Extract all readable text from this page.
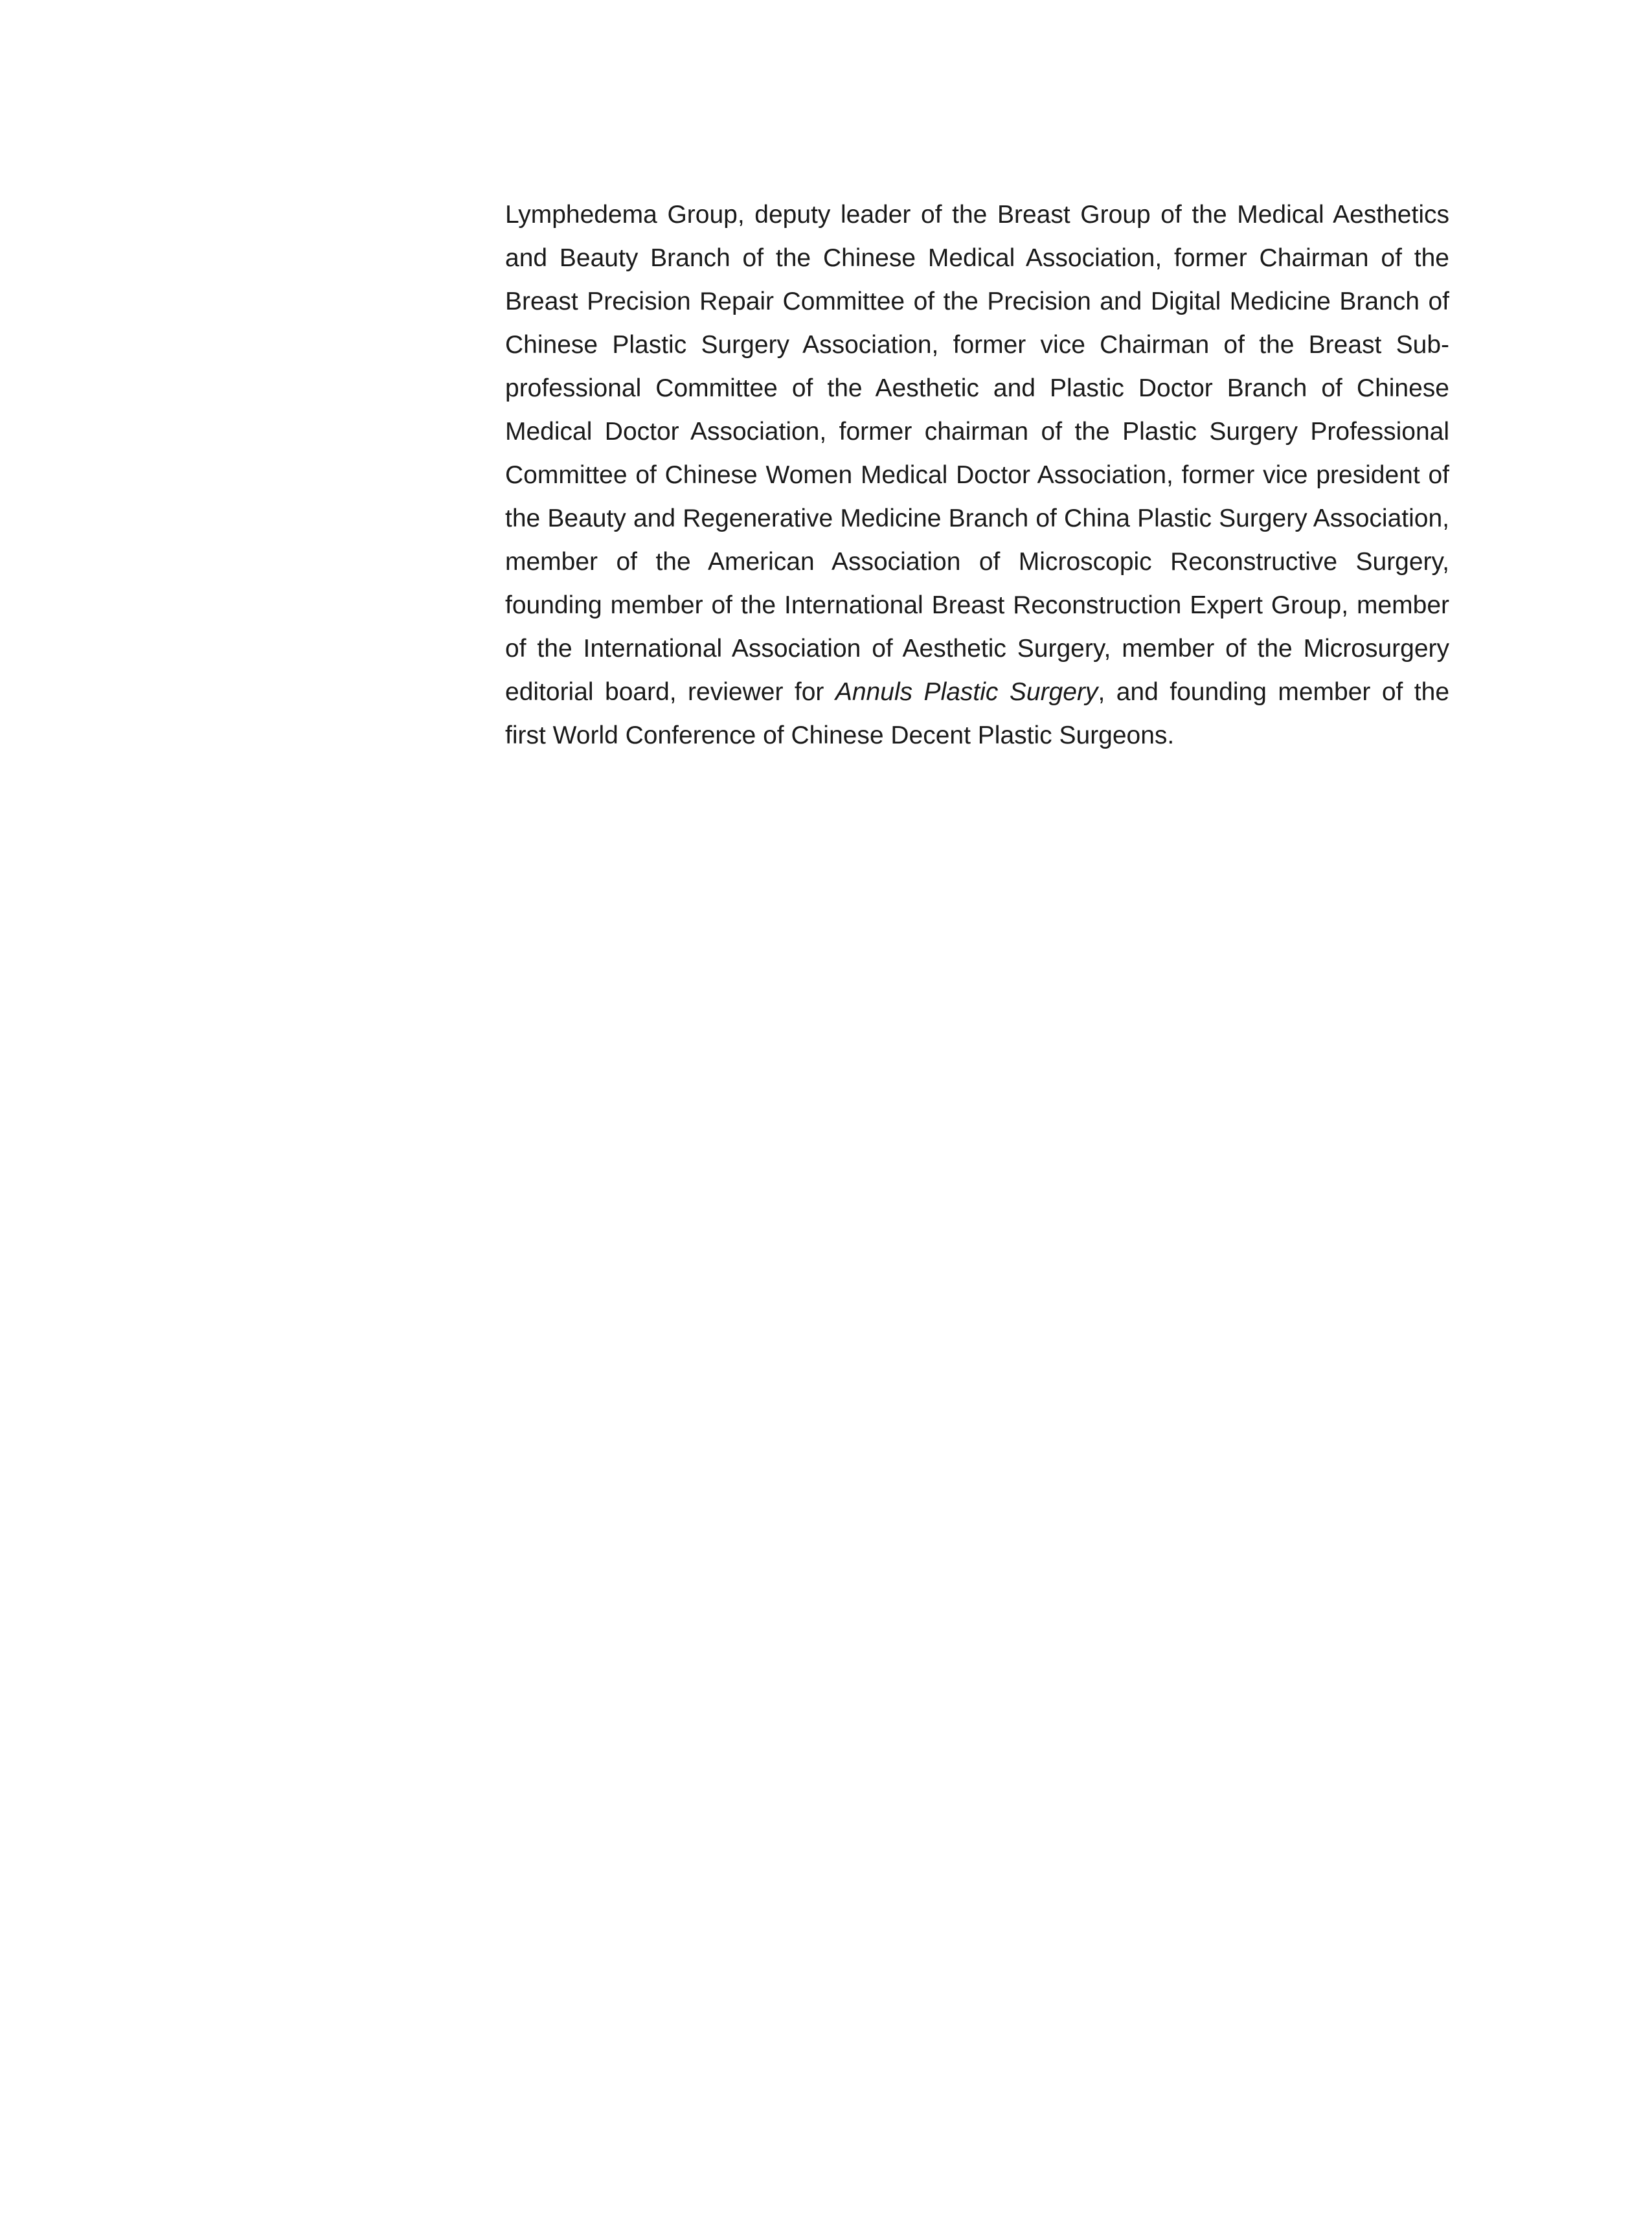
Lymphedema Group, deputy leader of the Breast Group of the Medical Aesthetics and Beauty Branch of the Chinese Medical Association, former Chairman of the Breast Precision Repair Committee of the Precision and Digital Medicine Branch of Chinese Plastic Surgery Association, former vice Chairman of the Breast Sub-professional Committee of the Aesthetic and Plastic Doctor Branch of Chinese Medical Doctor Association, former chairman of the Plastic Surgery Professional Committee of Chinese Women Medical Doctor Association, former vice president of the Beauty and Regenerative Medicine Branch of China Plastic Surgery Association, member of the American Association of Microscopic Reconstructive Surgery, founding member of the International Breast Reconstruction Expert Group, member of the International Association of Aesthetic Surgery, member of the Microsurgery editorial board, reviewer for Annuls Plastic Surgery, and founding member of the first World Conference of Chinese Decent Plastic Surgeons.
